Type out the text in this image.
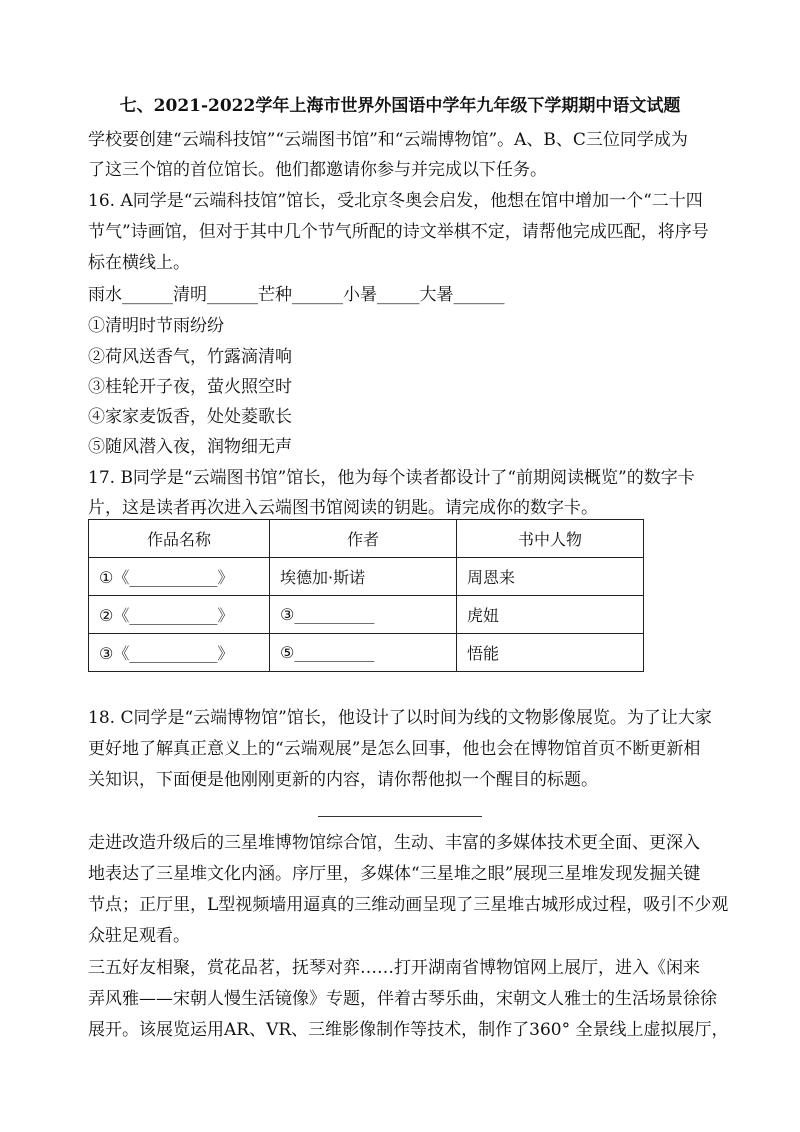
七、2021-2022学年上海市世界外国语中学年九年级下学期期中语文试题
学校要创建“云端科技馆”“云端图书馆”和“云端博物馆”。A、B、C三位同学成为
了这三个馆的首位馆长。他们都邀请你参与并完成以下任务。
16. A同学是“云端科技馆”馆长，受北京冬奥会启发，他想在馆中增加一个“二十四
节气”诗画馆，但对于其中几个节气所配的诗文举棋不定，请帮他完成匹配，将序号
标在横线上。
雨水______清明______芒种______小暑_____大暑______
①清明时节雨纷纷
②荷风送香气，竹露滴清响
③桂轮开子夜，萤火照空时
④家家麦饭香，处处菱歌长
⑤随风潜入夜，润物细无声
17. B同学是“云端图书馆”馆长，他为每个读者都设计了“前期阅读概览”的数字卡
片，这是读者再次进入云端图书馆阅读的钥匙。请完成你的数字卡。
作品名称	作者	书中人物
①《___________》	埃德加·斯诺	周恩来
②《___________》	③__________	虎妞
③《___________》	⑤__________	悟能
18. C同学是“云端博物馆”馆长，他设计了以时间为线的文物影像展览。为了让大家
更好地了解真正意义上的“云端观展”是怎么回事，他也会在博物馆首页不断更新相
关知识，下面便是他刚刚更新的内容，请你帮他拟一个醒目的标题。
走进改造升级后的三星堆博物馆综合馆，生动、丰富的多媒体技术更全面、更深入
地表达了三星堆文化内涵。序厅里，多媒体“三星堆之眼”展现三星堆发现发掘关键
节点；正厅里，L型视频墙用逼真的三维动画呈现了三星堆古城形成过程，吸引不少观
众驻足观看。
三五好友相聚，赏花品茗，抚琴对弈……打开湖南省博物馆网上展厅，进入《闲来
弄风雅——宋朝人慢生活镜像》专题，伴着古琴乐曲，宋朝文人雅士的生活场景徐徐
展开。该展览运用AR、VR、三维影像制作等技术，制作了360° 全景线上虚拟展厅，
